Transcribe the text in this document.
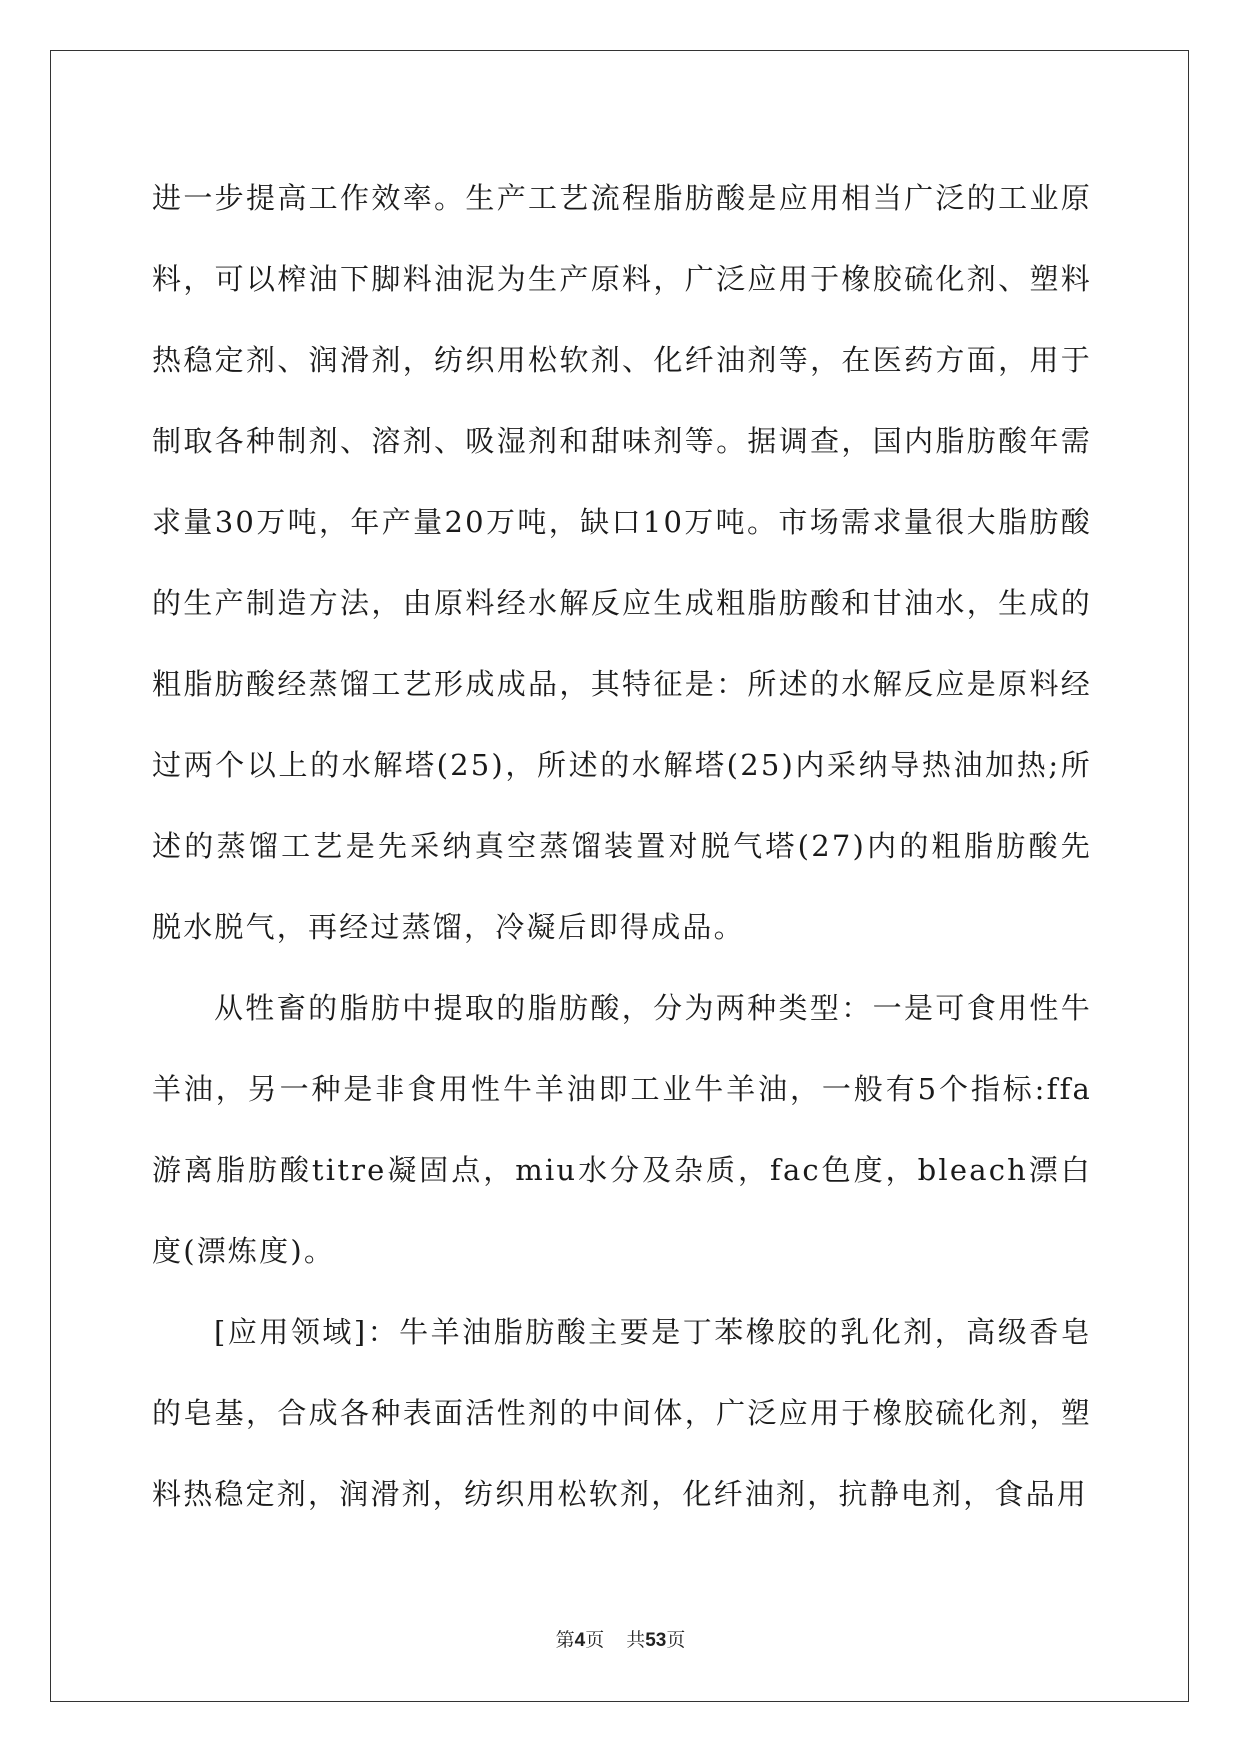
进一步提高工作效率。生产工艺流程脂肪酸是应用相当广泛的工业原料，可以榨油下脚料油泥为生产原料，广泛应用于橡胶硫化剂、塑料热稳定剂、润滑剂，纺织用松软剂、化纤油剂等，在医药方面，用于制取各种制剂、溶剂、吸湿剂和甜味剂等。据调查，国内脂肪酸年需求量30万吨，年产量20万吨，缺口10万吨。市场需求量很大脂肪酸的生产制造方法，由原料经水解反应生成粗脂肪酸和甘油水，生成的粗脂肪酸经蒸馏工艺形成成品，其特征是：所述的水解反应是原料经过两个以上的水解塔(25)，所述的水解塔(25)内采纳导热油加热;所述的蒸馏工艺是先采纳真空蒸馏装置对脱气塔(27)内的粗脂肪酸先脱水脱气，再经过蒸馏，冷凝后即得成品。

从牲畜的脂肪中提取的脂肪酸，分为两种类型：一是可食用性牛羊油，另一种是非食用性牛羊油即工业牛羊油，一般有5个指标:ffa游离脂肪酸titre凝固点，miu水分及杂质，fac色度，bleach漂白度(漂炼度)。

[应用领域]：牛羊油脂肪酸主要是丁苯橡胶的乳化剂，高级香皂的皂基，合成各种表面活性剂的中间体，广泛应用于橡胶硫化剂，塑料热稳定剂，润滑剂，纺织用松软剂，化纤油剂，抗静电剂，食品用

第4页 共53页
